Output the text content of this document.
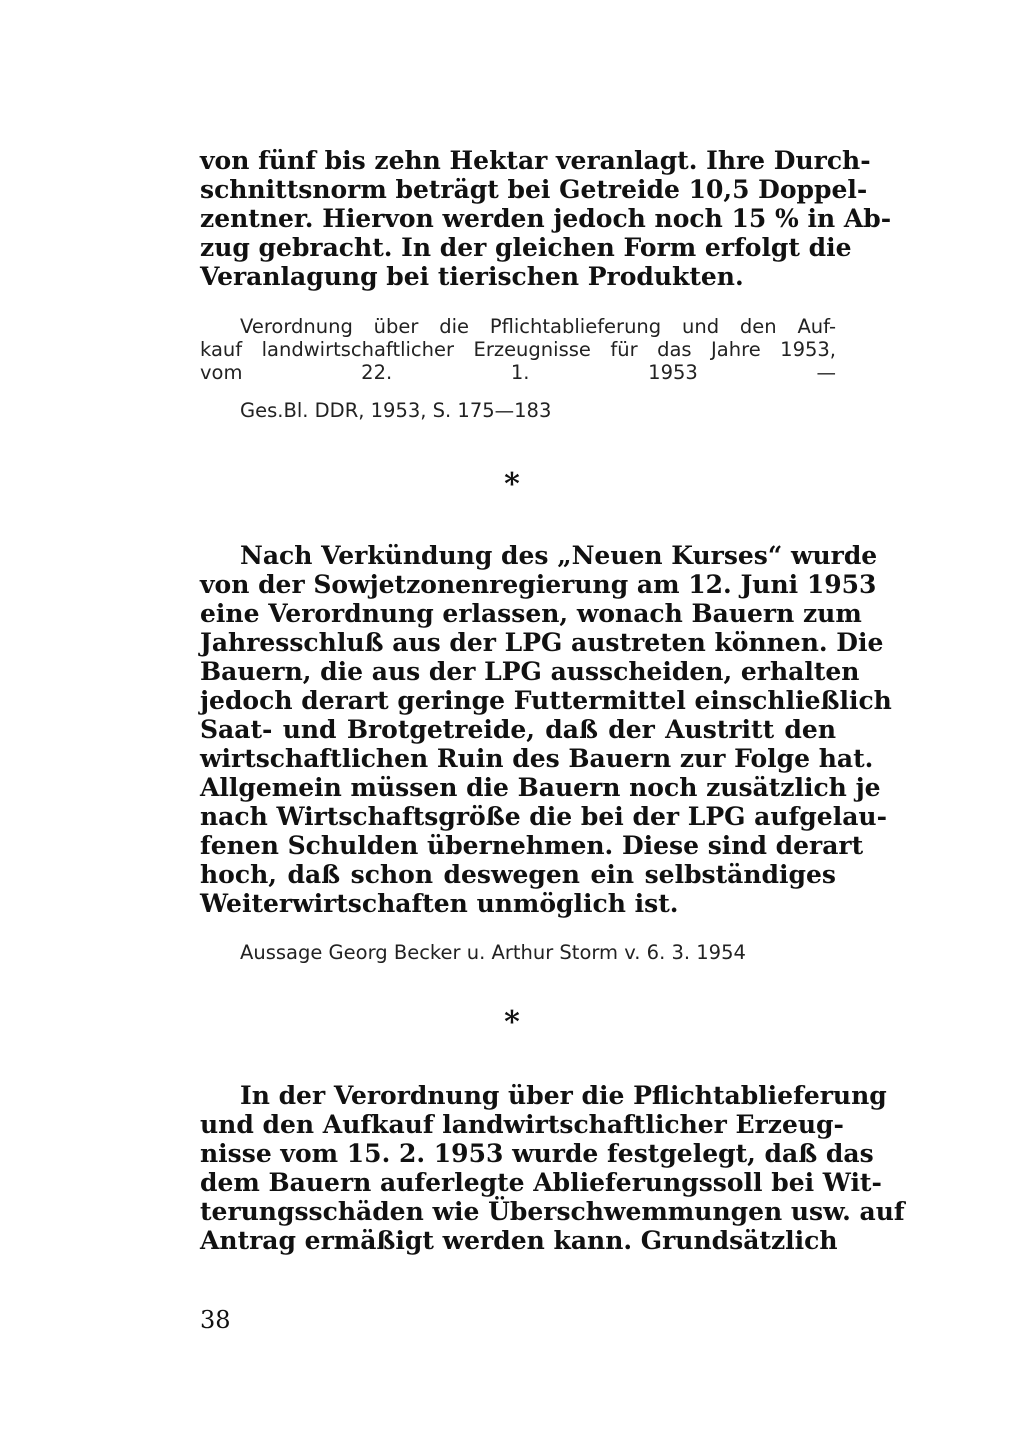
von fünf bis zehn Hektar veranlagt. Ihre Durch-
schnittsnorm beträgt bei Getreide 10,5 Doppel-
zentner. Hiervon werden jedoch noch 15 % in Ab-
zug gebracht. In der gleichen Form erfolgt die
Veranlagung bei tierischen Produkten.
Verordnung über die Pflichtablieferung und den Auf-
kauf landwirtschaftlicher Erzeugnisse für das Jahre 1953,
vom 22. 1. 1953 —
Ges.Bl. DDR, 1953, S. 175—183
*
Nach Verkündung des „Neuen Kurses“ wurde
von der Sowjetzonenregierung am 12. Juni 1953
eine Verordnung erlassen, wonach Bauern zum
Jahresschluß aus der LPG austreten können. Die
Bauern, die aus der LPG ausscheiden, erhalten
jedoch derart geringe Futtermittel einschließlich
Saat- und Brotgetreide, daß der Austritt den
wirtschaftlichen Ruin des Bauern zur Folge hat.
Allgemein müssen die Bauern noch zusätzlich je
nach Wirtschaftsgröße die bei der LPG aufgelau-
fenen Schulden übernehmen. Diese sind derart
hoch, daß schon deswegen ein selbständiges
Weiterwirtschaften unmöglich ist.
Aussage Georg Becker u. Arthur Storm v. 6. 3. 1954
*
In der Verordnung über die Pflichtablieferung
und den Aufkauf landwirtschaftlicher Erzeug-
nisse vom 15. 2. 1953 wurde festgelegt, daß das
dem Bauern auferlegte Ablieferungssoll bei Wit-
terungsschäden wie Überschwemmungen usw. auf
Antrag ermäßigt werden kann. Grundsätzlich
38
